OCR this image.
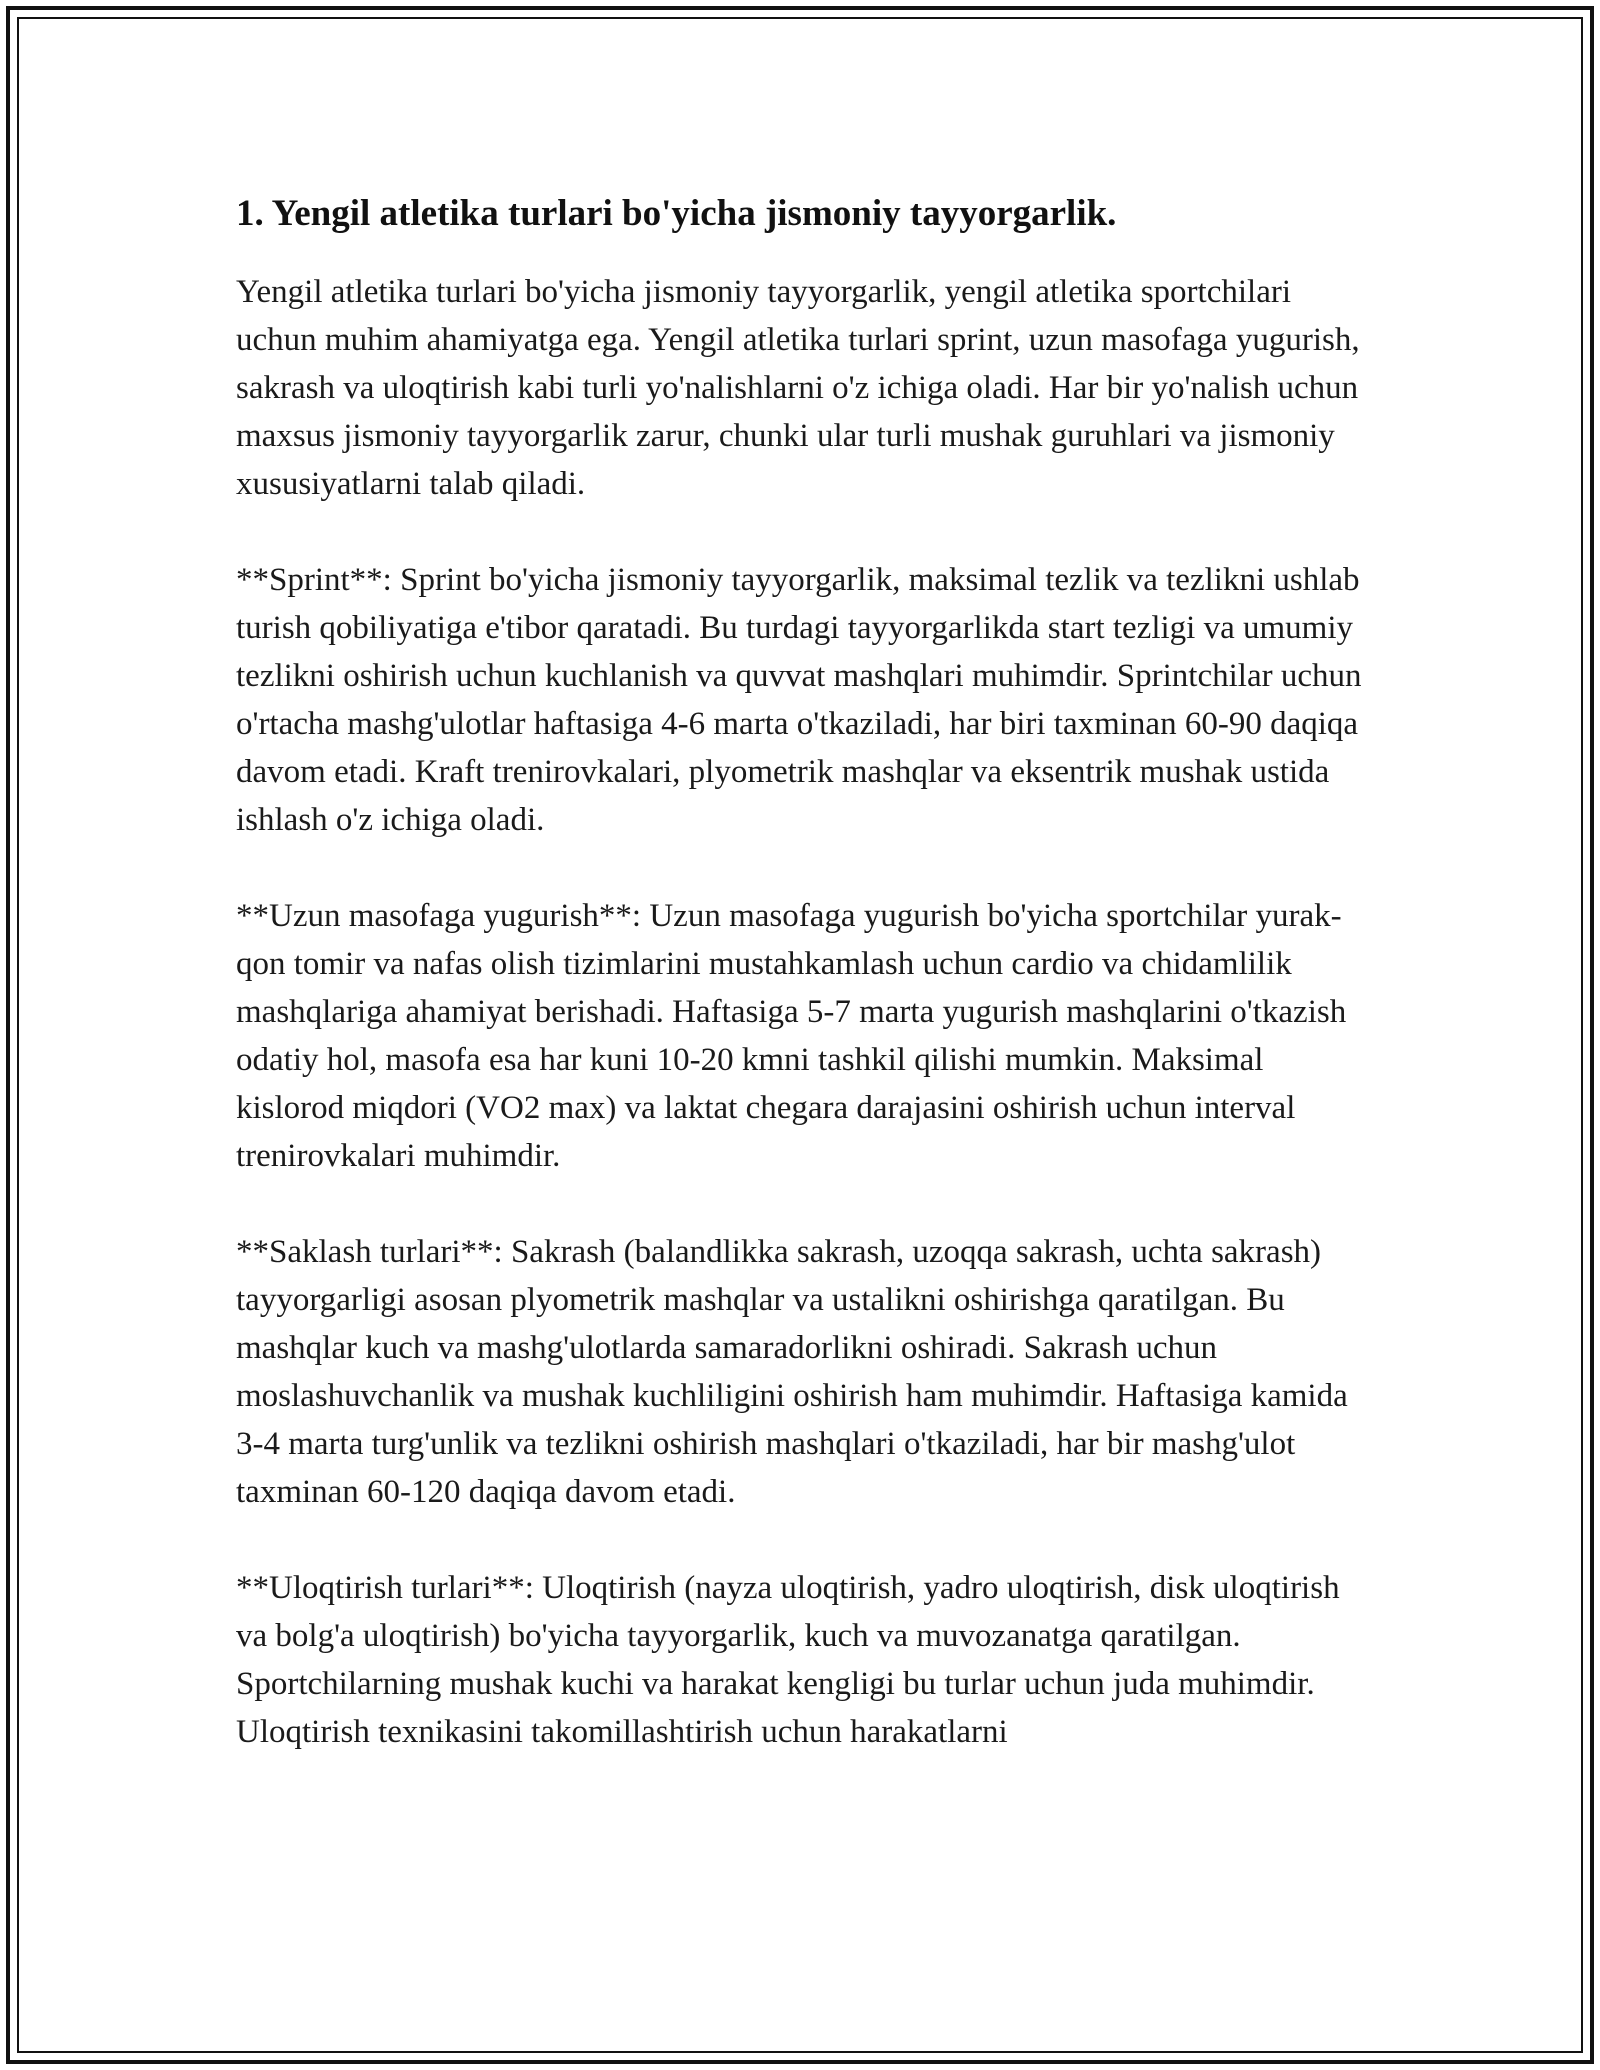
1. Yengil atletika turlari bo'yicha jismoniy tayyorgarlik.

Yengil atletika turlari bo'yicha jismoniy tayyorgarlik, yengil atletika sportchilari uchun muhim ahamiyatga ega. Yengil atletika turlari sprint, uzun masofaga yugurish, sakrash va uloqtirish kabi turli yo'nalishlarni o'z ichiga oladi. Har bir yo'nalish uchun maxsus jismoniy tayyorgarlik zarur, chunki ular turli mushak guruhlari va jismoniy xususiyatlarni talab qiladi.

**Sprint**: Sprint bo'yicha jismoniy tayyorgarlik, maksimal tezlik va tezlikni ushlab turish qobiliyatiga e'tibor qaratadi. Bu turdagi tayyorgarlikda start tezligi va umumiy tezlikni oshirish uchun kuchlanish va quvvat mashqlari muhimdir. Sprintchilar uchun o'rtacha mashg'ulotlar haftasiga 4-6 marta o'tkaziladi, har biri taxminan 60-90 daqiqa davom etadi. Kraft trenirovkalari, plyometrik mashqlar va eksentrik mushak ustida ishlash o'z ichiga oladi.

**Uzun masofaga yugurish**: Uzun masofaga yugurish bo'yicha sportchilar yurak-qon tomir va nafas olish tizimlarini mustahkamlash uchun cardio va chidamlilik mashqlariga ahamiyat berishadi. Haftasiga 5-7 marta yugurish mashqlarini o'tkazish odatiy hol, masofa esa har kuni 10-20 kmni tashkil qilishi mumkin. Maksimal kislorod miqdori (VO2 max) va laktat chegara darajasini oshirish uchun interval trenirovkalari muhimdir.

**Saklash turlari**: Sakrash (balandlikka sakrash, uzoqqa sakrash, uchta sakrash) tayyorgarligi asosan plyometrik mashqlar va ustalikni oshirishga qaratilgan. Bu mashqlar kuch va mashg'ulotlarda samaradorlikni oshiradi. Sakrash uchun moslashuvchanlik va mushak kuchliligini oshirish ham muhimdir. Haftasiga kamida 3-4 marta turg'unlik va tezlikni oshirish mashqlari o'tkaziladi, har bir mashg'ulot taxminan 60-120 daqiqa davom etadi.

**Uloqtirish turlari**: Uloqtirish (nayza uloqtirish, yadro uloqtirish, disk uloqtirish va bolg'a uloqtirish) bo'yicha tayyorgarlik, kuch va muvozanatga qaratilgan. Sportchilarning mushak kuchi va harakat kengligi bu turlar uchun juda muhimdir. Uloqtirish texnikasini takomillashtirish uchun harakatlarni
